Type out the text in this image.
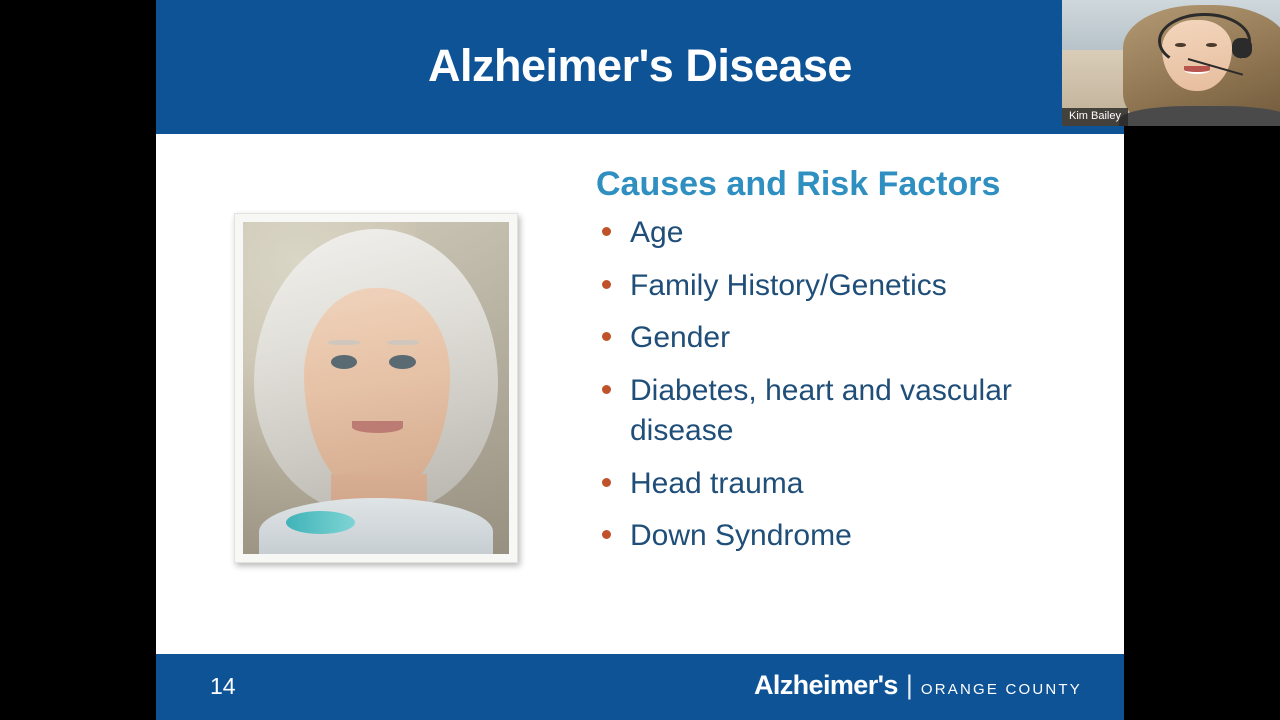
Alzheimer's Disease
Causes and Risk Factors
Age
Family History/Genetics
Gender
Diabetes, heart and vascular disease
Head trauma
Down Syndrome
14	Alzheimer's | ORANGE COUNTY
Kim Bailey
